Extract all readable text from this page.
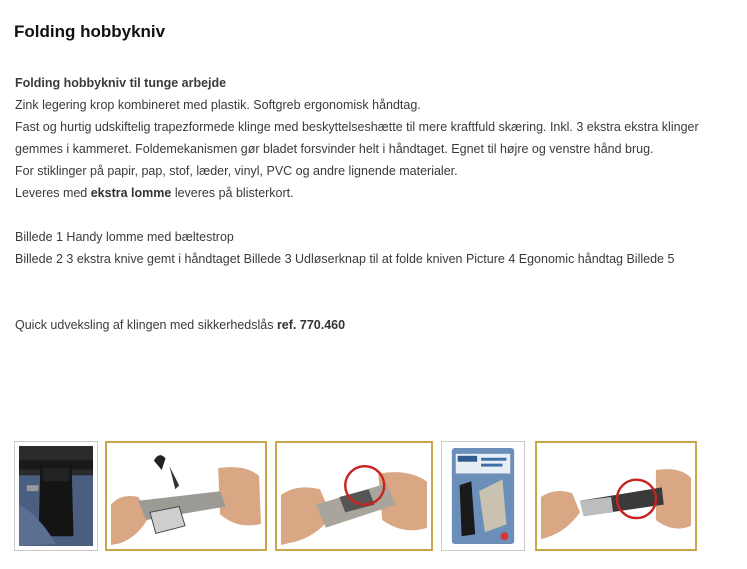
Folding hobbykniv

Folding hobbykniv til tunge arbejde

Zink legering krop kombineret med plastik. Softgreb ergonomisk håndtag.

Fast og hurtig udskiftelig trapezformede klinge med beskyttelseshætte til mere kraftfuld skæring. Inkl. 3 ekstra ekstra klinger gemmes i kammeret. Foldemekanismen gør bladet forsvinder helt i håndtaget. Egnet til højre og venstre hånd brug.

For stiklinger på papir, pap, stof, læder, vinyl, PVC og andre lignende materialer.

Leveres med ekstra lomme leveres på blisterkort.

Billede 1 Handy lomme med bæltestrop

Billede 2 3 ekstra knive gemt i håndtaget Billede 3 Udløserknap til at folde kniven Picture 4 Egonomic håndtag Billede 5

Quick udveksling af klingen med sikkerhedslås ref. 770.460
